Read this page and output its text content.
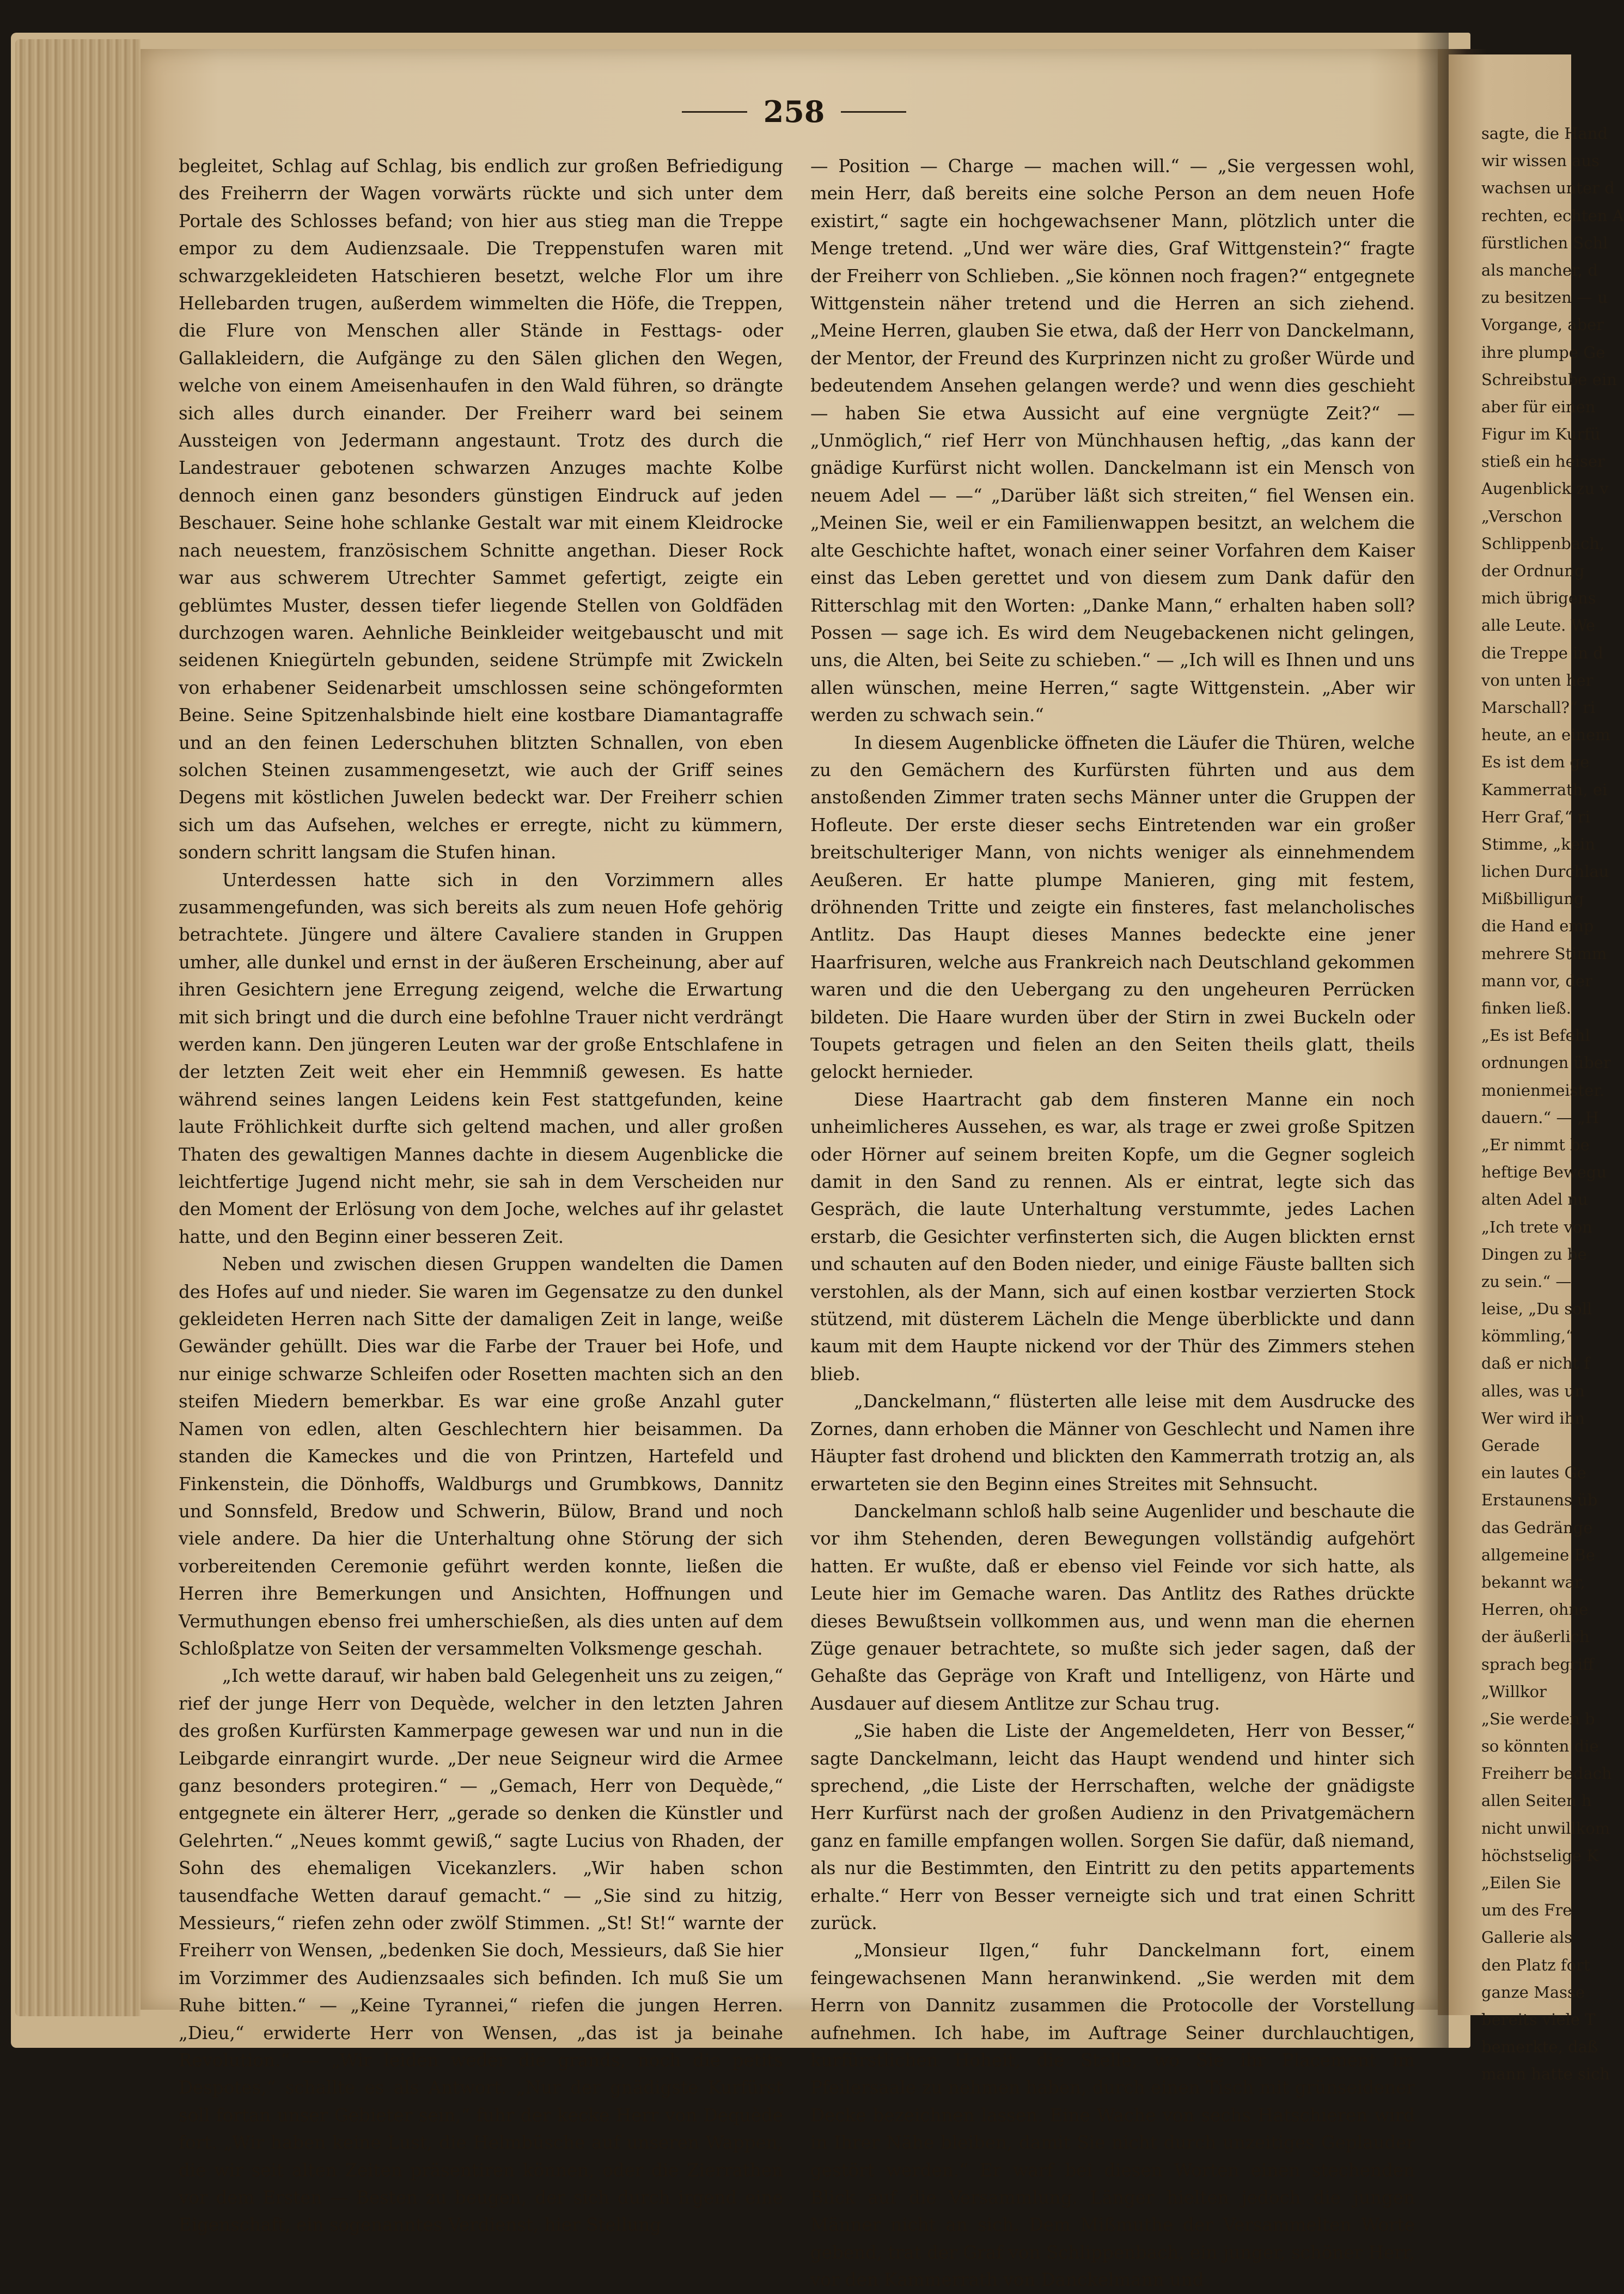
258

begleitet, Schlag auf Schlag, bis endlich zur großen Befriedigung des Freiherrn der Wagen vorwärts rückte und sich unter dem Portale des Schlosses befand; von hier aus stieg man die Treppe empor zu dem Audienzsaale. Die Treppenstufen waren mit schwarzgekleideten Hatschieren besetzt, welche Flor um ihre Hellebarden trugen, außerdem wimmelten die Höfe, die Treppen, die Flure von Menschen aller Stände in Festtags- oder Gallakleidern, die Aufgänge zu den Sälen glichen den Wegen, welche von einem Ameisenhaufen in den Wald führen, so drängte sich alles durch einander. Der Freiherr ward bei seinem Aussteigen von Jedermann angestaunt. Trotz des durch die Landestrauer gebotenen schwarzen Anzuges machte Kolbe dennoch einen ganz besonders günstigen Eindruck auf jeden Beschauer. Seine hohe schlanke Gestalt war mit einem Kleidrocke nach neuestem, französischem Schnitte angethan. Dieser Rock war aus schwerem Utrechter Sammet gefertigt, zeigte ein geblümtes Muster, dessen tiefer liegende Stellen von Goldfäden durchzogen waren. Aehnliche Beinkleider weitgebauscht und mit seidenen Kniegürteln gebunden, seidene Strümpfe mit Zwickeln von erhabener Seidenarbeit umschlossen seine schöngeformten Beine. Seine Spitzenhalsbinde hielt eine kostbare Diamantagraffe und an den feinen Lederschuhen blitzten Schnallen, von eben solchen Steinen zusammengesetzt, wie auch der Griff seines Degens mit köstlichen Juwelen bedeckt war. Der Freiherr schien sich um das Aufsehen, welches er erregte, nicht zu kümmern, sondern schritt langsam die Stufen hinan.

Unterdessen hatte sich in den Vorzimmern alles zusammengefunden, was sich bereits als zum neuen Hofe gehörig betrachtete. Jüngere und ältere Cavaliere standen in Gruppen umher, alle dunkel und ernst in der äußeren Erscheinung, aber auf ihren Gesichtern jene Erregung zeigend, welche die Erwartung mit sich bringt und die durch eine befohlne Trauer nicht verdrängt werden kann. Den jüngeren Leuten war der große Entschlafene in der letzten Zeit weit eher ein Hemmniß gewesen. Es hatte während seines langen Leidens kein Fest stattgefunden, keine laute Fröhlichkeit durfte sich geltend machen, und aller großen Thaten des gewaltigen Mannes dachte in diesem Augenblicke die leichtfertige Jugend nicht mehr, sie sah in dem Verscheiden nur den Moment der Erlösung von dem Joche, welches auf ihr gelastet hatte, und den Beginn einer besseren Zeit.

Neben und zwischen diesen Gruppen wandelten die Damen des Hofes auf und nieder. Sie waren im Gegensatze zu den dunkel gekleideten Herren nach Sitte der damaligen Zeit in lange, weiße Gewänder gehüllt. Dies war die Farbe der Trauer bei Hofe, und nur einige schwarze Schleifen oder Rosetten machten sich an den steifen Miedern bemerkbar. Es war eine große Anzahl guter Namen von edlen, alten Geschlechtern hier beisammen. Da standen die Kameckes und die von Printzen, Hartefeld und Finkenstein, die Dönhoffs, Waldburgs und Grumbkows, Dannitz und Sonnsfeld, Bredow und Schwerin, Bülow, Brand und noch viele andere. Da hier die Unterhaltung ohne Störung der sich vorbereitenden Ceremonie geführt werden konnte, ließen die Herren ihre Bemerkungen und Ansichten, Hoffnungen und Vermuthungen ebenso frei umherschießen, als dies unten auf dem Schloßplatze von Seiten der versammelten Volksmenge geschah.

„Ich wette darauf, wir haben bald Gelegenheit uns zu zeigen,“ rief der junge Herr von Dequède, welcher in den letzten Jahren des großen Kurfürsten Kammerpage gewesen war und nun in die Leibgarde einrangirt wurde. „Der neue Seigneur wird die Armee ganz besonders protegiren.“ — „Gemach, Herr von Dequède,“ entgegnete ein älterer Herr, „gerade so denken die Künstler und Gelehrten.“ „Neues kommt gewiß,“ sagte Lucius von Rhaden, der Sohn des ehemaligen Vicekanzlers. „Wir haben schon tausendfache Wetten darauf gemacht.“ — „Sie sind zu hitzig, Messieurs,“ riefen zehn oder zwölf Stimmen. „St! St!“ warnte der Freiherr von Wensen, „bedenken Sie doch, Messieurs, daß Sie hier im Vorzimmer des Audienzsaales sich befinden. Ich muß Sie um Ruhe bitten.“ — „Keine Tyrannei,“ riefen die jungen Herren. „Dieu,“ erwiderte Herr von Wensen, „das ist ja beinahe Revolution.“ — „Wir leiden weder die grands, noch die petits Despotes,“ schallte es als Antwort. „Nur der gnädigste Kurfürst soll fortan unser Gebieter sein,“ fuhr der kecke Herr von Dequède fort. „Wir haben keine Lust, die Helmbüsche auf unseren Wappen, die wir seit alten Zeiten präsentiren können, oder die Zierrathen vor dem Ersten — Besten zu beugen, der sich durch irgend eine Eigenschaft, ein sogenanntes Verdienst, hier Stellung

— Position — Charge — machen will.“ — „Sie vergessen wohl, mein Herr, daß bereits eine solche Person an dem neuen Hofe existirt,“ sagte ein hochgewachsener Mann, plötzlich unter die Menge tretend. „Und wer wäre dies, Graf Wittgenstein?“ fragte der Freiherr von Schlieben. „Sie können noch fragen?“ entgegnete Wittgenstein näher tretend und die Herren an sich ziehend. „Meine Herren, glauben Sie etwa, daß der Herr von Danckelmann, der Mentor, der Freund des Kurprinzen nicht zu großer Würde und bedeutendem Ansehen gelangen werde? und wenn dies geschieht — haben Sie etwa Aussicht auf eine vergnügte Zeit?“ — „Unmöglich,“ rief Herr von Münchhausen heftig, „das kann der gnädige Kurfürst nicht wollen. Danckelmann ist ein Mensch von neuem Adel — —“ „Darüber läßt sich streiten,“ fiel Wensen ein. „Meinen Sie, weil er ein Familienwappen besitzt, an welchem die alte Geschichte haftet, wonach einer seiner Vorfahren dem Kaiser einst das Leben gerettet und von diesem zum Dank dafür den Ritterschlag mit den Worten: „Danke Mann,“ erhalten haben soll? Possen — sage ich. Es wird dem Neugebackenen nicht gelingen, uns, die Alten, bei Seite zu schieben.“ — „Ich will es Ihnen und uns allen wünschen, meine Herren,“ sagte Wittgenstein. „Aber wir werden zu schwach sein.“

In diesem Augenblicke öffneten die Läufer die Thüren, welche zu den Gemächern des Kurfürsten führten und aus dem anstoßenden Zimmer traten sechs Männer unter die Gruppen der Hofleute. Der erste dieser sechs Eintretenden war ein großer breitschulteriger Mann, von nichts weniger als einnehmendem Aeußeren. Er hatte plumpe Manieren, ging mit festem, dröhnenden Tritte und zeigte ein finsteres, fast melancholisches Antlitz. Das Haupt dieses Mannes bedeckte eine jener Haarfrisuren, welche aus Frankreich nach Deutschland gekommen waren und die den Uebergang zu den ungeheuren Perrücken bildeten. Die Haare wurden über der Stirn in zwei Buckeln oder Toupets getragen und fielen an den Seiten theils glatt, theils gelockt hernieder.

Diese Haartracht gab dem finsteren Manne ein noch unheimlicheres Aussehen, es war, als trage er zwei große Spitzen oder Hörner auf seinem breiten Kopfe, um die Gegner sogleich damit in den Sand zu rennen. Als er eintrat, legte sich das Gespräch, die laute Unterhaltung verstummte, jedes Lachen erstarb, die Gesichter verfinsterten sich, die Augen blickten ernst und schauten auf den Boden nieder, und einige Fäuste ballten sich verstohlen, als der Mann, sich auf einen kostbar verzierten Stock stützend, mit düsterem Lächeln die Menge überblickte und dann kaum mit dem Haupte nickend vor der Thür des Zimmers stehen blieb.

„Danckelmann,“ flüsterten alle leise mit dem Ausdrucke des Zornes, dann erhoben die Männer von Geschlecht und Namen ihre Häupter fast drohend und blickten den Kammerrath trotzig an, als erwarteten sie den Beginn eines Streites mit Sehnsucht.

Danckelmann schloß halb seine Augenlider und beschaute die vor ihm Stehenden, deren Bewegungen vollständig aufgehört hatten. Er wußte, daß er ebenso viel Feinde vor sich hatte, als Leute hier im Gemache waren. Das Antlitz des Rathes drückte dieses Bewußtsein vollkommen aus, und wenn man die ehernen Züge genauer betrachtete, so mußte sich jeder sagen, daß der Gehaßte das Gepräge von Kraft und Intelligenz, von Härte und Ausdauer auf diesem Antlitze zur Schau trug.

„Sie haben die Liste der Angemeldeten, Herr von Besser,“ sagte Danckelmann, leicht das Haupt wendend und hinter sich sprechend, „die Liste der Herrschaften, welche der gnädigste Herr Kurfürst nach der großen Audienz in den Privatgemächern ganz en famille empfangen wollen. Sorgen Sie dafür, daß niemand, als nur die Bestimmten, den Eintritt zu den petits appartements erhalte.“ Herr von Besser verneigte sich und trat einen Schritt zurück.

„Monsieur Ilgen,“ fuhr Danckelmann fort, einem feingewachsenen Mann heranwinkend. „Sie werden mit dem Herrn von Dannitz zusammen die Protocolle der Vorstellung aufnehmen. Ich habe, im Auftrage Seiner durchlauchtigen, kurfürstlichen Hoheit, die Stelle, wo Sie ihr Placement im Pfeilersaale zu nehmen haben, durch einen Tisch mit grünseidener Decke bezeichnen lassen. Eine Wache von sechs Hatschieren wird in Ihrer Nähe bleiben, damit Sie nicht durch unzeitiges Geplauder gestört werden.“ Er warf bei diesen Worten einen stechenden Blick auf die Versammlung. Länger hielten jedoch die jungen Männer nicht an sich. Dem Mißmuthe der Versammelten Worte gebend, trat der Graf von Schlippenbach, ein junger, schöner Herr, vor den Kammerrath von Danckelmann und

sagte, die Hand
wir wissen aus
wachsen unter d
rechten, echten A
fürstlichen Schl
als mancher, d
zu besitzen — u
Vorgange, aber
ihre plumpe Ge
Schreibstube ein
aber für einen
Figur im Kurfü
stieß ein heiser
Augenblick zu v
„Verschon
Schlippenbach,
der Ordnung
mich übrigens
alle Leute. We
die Treppe in d
von unten her
Marschall?“ ri
heute, an einem
Es ist dem ge
Kammerrath, ei
Herr Graf,“ ri
Stimme, „kein
lichen Durchlau
Mißbilligung
die Hand emp
mehrere Stimm
mann vor, der
finken ließ.
„Es ist Befehl
ordnungen über
monienmeister.
dauern.“ — „H
„Er nimmt be
heftige Bewegu
alten Adel nu
„Ich trete von
Dingen zu be
zu sein.“ —
leise, „Du soll
kömmling,“
daß er nicht f
alles, was un
Wer wird ihn
Gerade
ein lautes Ge
Erstaunens üb
das Gedränge
allgemeine Be
bekannt war,
Herren, ohne
der äußerlich
sprach begriff
„Willkor
„Sie werden b
so könnten die
Freiherr bedach
allen Seiten h
nicht unwillkom
höchstselige K
„Eilen Sie
um des Fre
Gallerie als
den Platz fort
ganze Masse
bereits viele T
bemerkte, daß
mann hatte sich
